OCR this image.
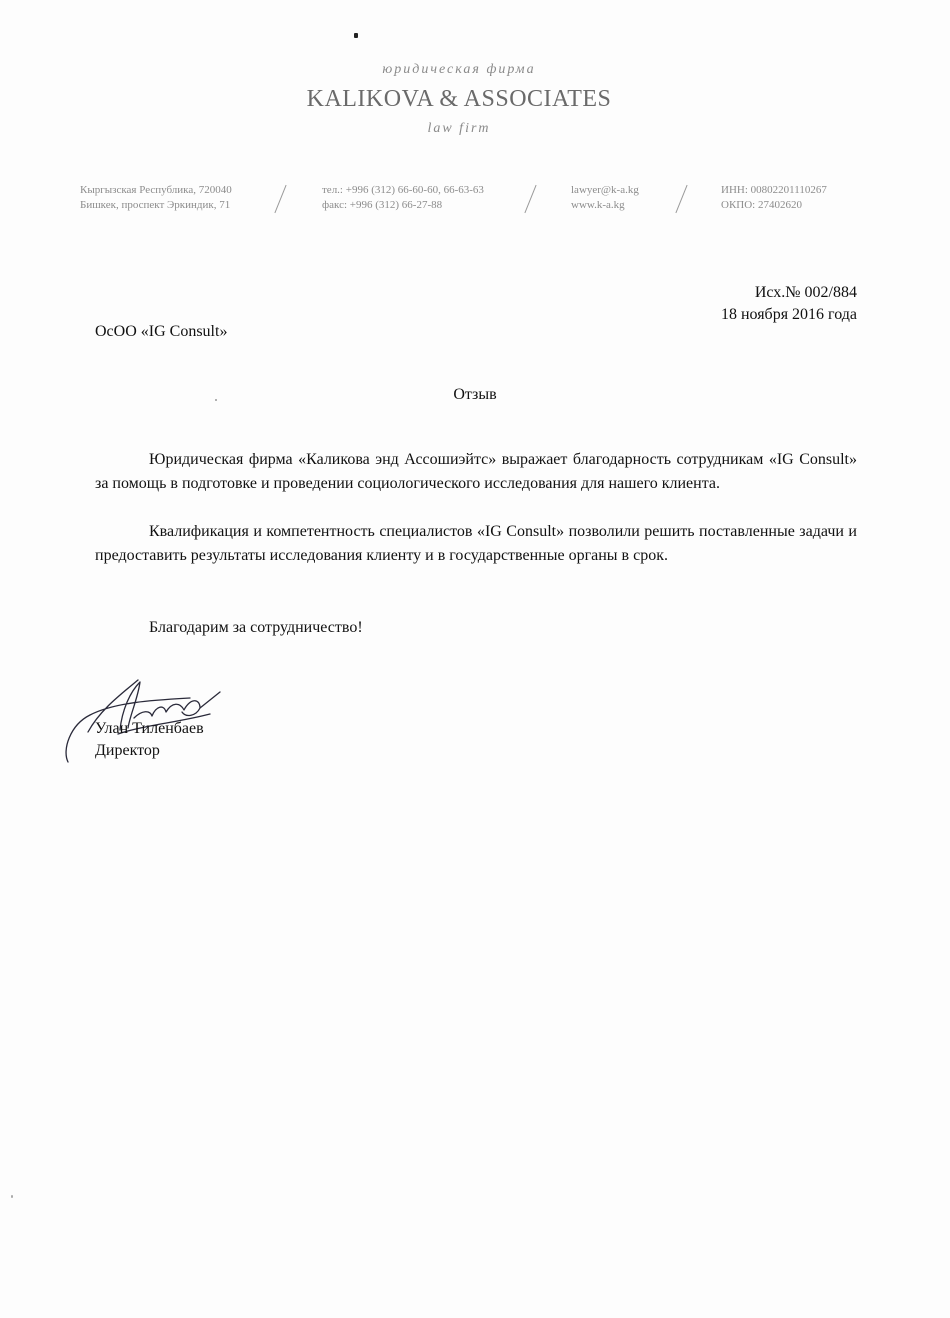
юридическая фирма
KALIKOVA & ASSOCIATES
law firm
Кыргызская Республика, 720040
Бишкек, проспект Эркиндик, 71
тел.: +996 (312) 66-60-60, 66-63-63
факс: +996 (312) 66-27-88
lawyer@k-a.kg
www.k-a.kg
ИНН: 00802201110267
ОКПО: 27402620
Исх.№ 002/884
18 ноября 2016 года
ОсОО «IG Consult»
Отзыв
Юридическая фирма «Каликова энд Ассошиэйтс» выражает благодарность сотрудникам «IG Consult» за помощь в подготовке и проведении социологического исследования для нашего клиента.
Квалификация и компетентность специалистов «IG Consult» позволили решить поставленные задачи и предоставить результаты исследования клиенту и в государственные органы в срок.
Благодарим за сотрудничество!
Улан Тиленбаев
Директор
